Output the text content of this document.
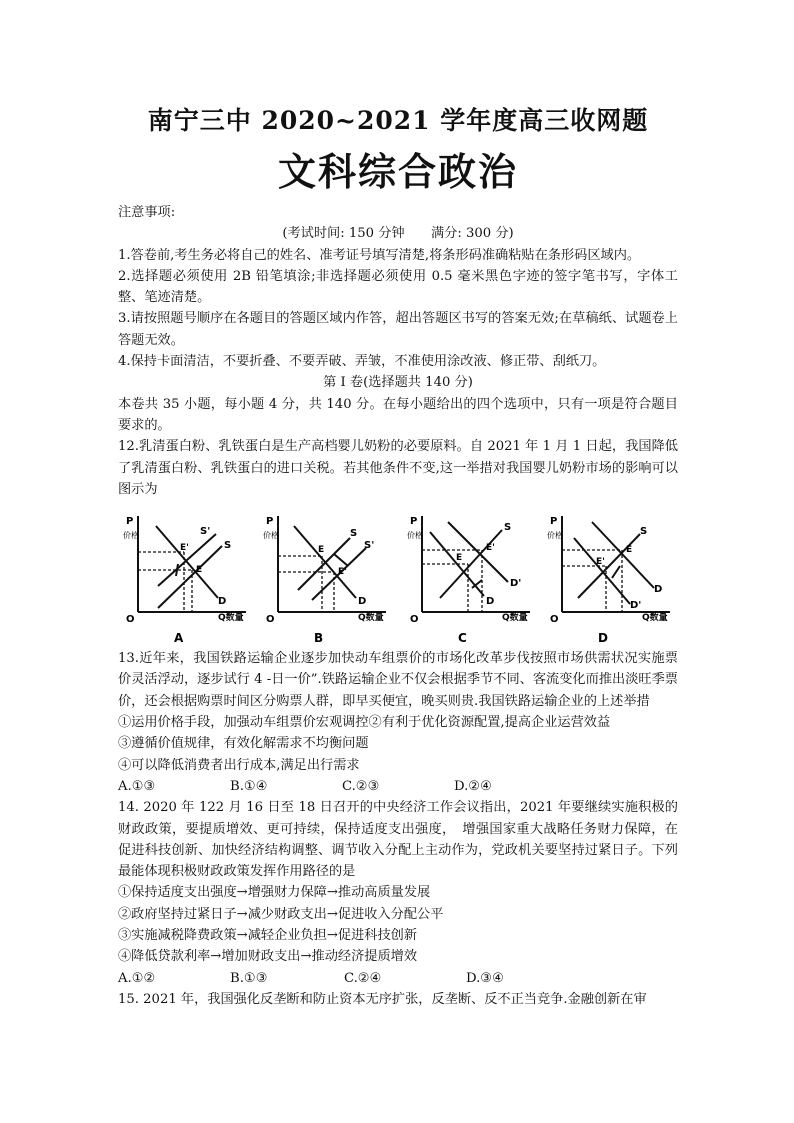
南宁三中 2020~2021 学年度高三收网题
文科综合政治

注意事项:

(考试时间: 150 分钟　　满分: 300 分)

1.答卷前,考生务必将自己的姓名、准考证号填写清楚,将条形码准确粘贴在条形码区域内。

2.选择题必须使用 2B 铅笔填涂;非选择题必须使用 0.5 毫米黑色字迹的签字笔书写，字体工整、笔迹清楚。

3.请按照题号顺序在各题目的答题区域内作答，超出答题区书写的答案无效;在草稿纸、试题卷上答题无效。

4.保持卡面清洁，不要折叠、不要弄破、弄皱，不准使用涂改液、修正带、刮纸刀。

第 I 卷(选择题共 140 分)

本卷共 35 小题，每小题 4 分，共 140 分。在每小题给出的四个选项中，只有一项是符合题目要求的。

12.乳清蛋白粉、乳铁蛋白是生产高档婴儿奶粉的必要原料。自 2021 年 1 月 1 日起，我国降低了乳清蛋白粉、乳铁蛋白的进口关税。若其他条件不变,这一举措对我国婴儿奶粉市场的影响可以图示为

P
价格
O	Q数量
S'
S
D
E'
E
A
P
价格
O	Q数量
S
S'
D
E
E'
B
P
价格
O	Q数量
S
D'
D
E'
E
C
P
价格
O	Q数量
S
D
D'
E'
E
D

13.近年来，我国铁路运输企业逐步加快动车组票价的市场化改革步伐按照市场供需状况实施票价灵活浮动，逐步试行 4 -日一价”.铁路运输企业不仅会根据季节不同、客流变化而推出淡旺季票价，还会根据购票时间区分购票人群，即早买便宜，晚买则贵.我国铁路运输企业的上述举措

①运用价格手段，加强动车组票价宏观调控②有利于优化资源配置,提高企业运营效益

③遵循价值规律，有效化解需求不均衡问题

④可以降低消费者出行成本,满足出行需求

A.①③	B.①④	C.②③	D.②④

14. 2020 年 122 月 16 日至 18 日召开的中央经济工作会议指出，2021 年要继续实施积极的财政政策，要提质增效、更可持续，保持适度支出强度，　增强国家重大战略任务财力保障，在促进科技创新、加快经济结构调整、调节收入分配上主动作为，党政机关要坚持过紧日子。下列最能体现积极财政政策发挥作用路径的是

①保持适度支出强度→增强财力保障→推动高质量发展

②政府坚持过紧日子→减少财政支出→促进收入分配公平

③实施减税降费政策→减轻企业负担→促进科技创新

④降低贷款利率→增加财政支出→推动经济提质增效

A.①②	B.①③	C.②④	D.③④

15. 2021 年，我国强化反垄断和防止资本无序扩张，反垄断、反不正当竞争.金融创新在审
